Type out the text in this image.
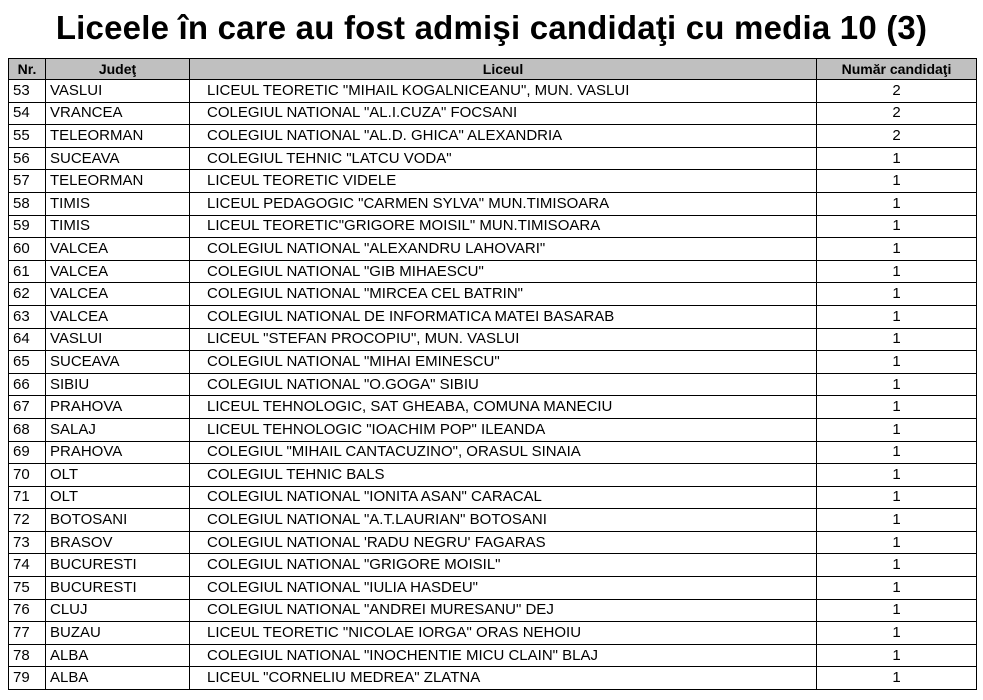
Liceele în care au fost admişi candidaţi cu media 10 (3)
Nr.	Judeţ	Liceul	Număr candidaţi
53	VASLUI	LICEUL TEORETIC "MIHAIL KOGALNICEANU", MUN. VASLUI	2
54	VRANCEA	COLEGIUL NATIONAL "AL.I.CUZA" FOCSANI	2
55	TELEORMAN	COLEGIUL NATIONAL "AL.D. GHICA" ALEXANDRIA	2
56	SUCEAVA	COLEGIUL TEHNIC "LATCU VODA"	1
57	TELEORMAN	LICEUL TEORETIC VIDELE	1
58	TIMIS	LICEUL PEDAGOGIC "CARMEN SYLVA" MUN.TIMISOARA	1
59	TIMIS	LICEUL TEORETIC"GRIGORE MOISIL" MUN.TIMISOARA	1
60	VALCEA	COLEGIUL NATIONAL "ALEXANDRU LAHOVARI"	1
61	VALCEA	COLEGIUL NATIONAL "GIB MIHAESCU"	1
62	VALCEA	COLEGIUL NATIONAL "MIRCEA CEL BATRIN"	1
63	VALCEA	COLEGIUL NATIONAL DE INFORMATICA MATEI BASARAB	1
64	VASLUI	LICEUL "STEFAN PROCOPIU", MUN. VASLUI	1
65	SUCEAVA	COLEGIUL NATIONAL "MIHAI EMINESCU"	1
66	SIBIU	COLEGIUL NATIONAL "O.GOGA" SIBIU	1
67	PRAHOVA	LICEUL TEHNOLOGIC, SAT GHEABA, COMUNA MANECIU	1
68	SALAJ	LICEUL TEHNOLOGIC "IOACHIM POP" ILEANDA	1
69	PRAHOVA	COLEGIUL "MIHAIL CANTACUZINO", ORASUL SINAIA	1
70	OLT	COLEGIUL TEHNIC BALS	1
71	OLT	COLEGIUL NATIONAL "IONITA ASAN" CARACAL	1
72	BOTOSANI	COLEGIUL NATIONAL "A.T.LAURIAN" BOTOSANI	1
73	BRASOV	COLEGIUL NATIONAL 'RADU NEGRU' FAGARAS	1
74	BUCURESTI	COLEGIUL NATIONAL "GRIGORE MOISIL"	1
75	BUCURESTI	COLEGIUL NATIONAL "IULIA HASDEU"	1
76	CLUJ	COLEGIUL NATIONAL "ANDREI MURESANU" DEJ	1
77	BUZAU	LICEUL TEORETIC "NICOLAE IORGA" ORAS NEHOIU	1
78	ALBA	COLEGIUL NATIONAL "INOCHENTIE MICU CLAIN" BLAJ	1
79	ALBA	LICEUL "CORNELIU MEDREA" ZLATNA	1
